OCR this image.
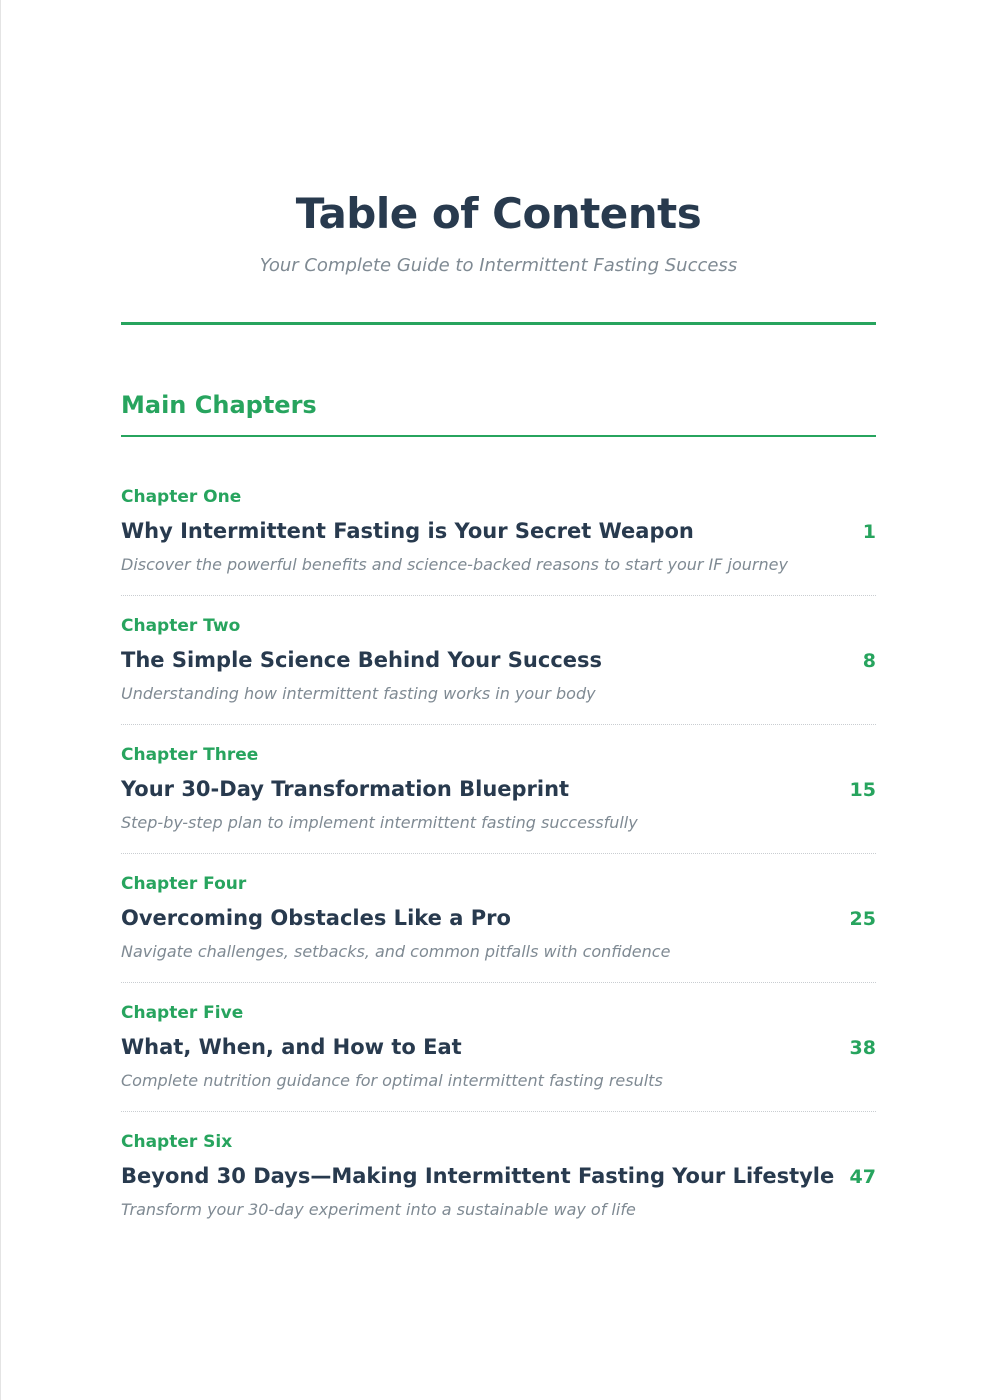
Table of Contents
Your Complete Guide to Intermittent Fasting Success
Main Chapters
Chapter One
Why Intermittent Fasting is Your Secret Weapon	1
Discover the powerful benefits and science-backed reasons to start your IF journey
Chapter Two
The Simple Science Behind Your Success	8
Understanding how intermittent fasting works in your body
Chapter Three
Your 30-Day Transformation Blueprint	15
Step-by-step plan to implement intermittent fasting successfully
Chapter Four
Overcoming Obstacles Like a Pro	25
Navigate challenges, setbacks, and common pitfalls with confidence
Chapter Five
What, When, and How to Eat	38
Complete nutrition guidance for optimal intermittent fasting results
Chapter Six
Beyond 30 Days—Making Intermittent Fasting Your Lifestyle 47
Transform your 30-day experiment into a sustainable way of life
